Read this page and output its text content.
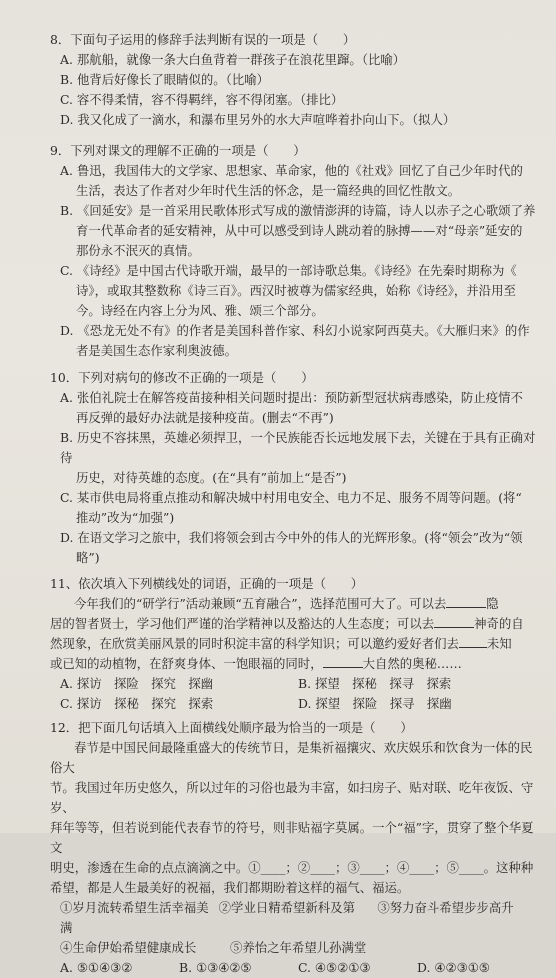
8．下面句子运用的修辞手法判断有误的一项是（　　）
A. 那航船，就像一条大白鱼背着一群孩子在浪花里蹿。（比喻）
B. 他背后好像长了眼睛似的。（比喻）
C. 容不得柔情，容不得羁绊，容不得闭塞。（排比）
D. 我又化成了一滴水，和瀑布里另外的水大声喧哗着扑向山下。（拟人）
9．下列对课文的理解不正确的一项是（　　）
A. 鲁迅，我国伟大的文学家、思想家、革命家，他的《社戏》回忆了自己少年时代的
生活，表达了作者对少年时代生活的怀念，是一篇经典的回忆性散文。
B. 《回延安》是一首采用民歌体形式写成的激情澎湃的诗篇，诗人以赤子之心歌颂了养
育一代革命者的延安精神，从中可以感受到诗人跳动着的脉搏——对“母亲”延安的
那份永不泯灭的真情。
C. 《诗经》是中国古代诗歌开端，最早的一部诗歌总集。《诗经》在先秦时期称为《
诗》，或取其整数称《诗三百》。西汉时被尊为儒家经典，始称《诗经》，并沿用至
今。诗经在内容上分为风、雅、颂三个部分。
D. 《恐龙无处不有》的作者是美国科普作家、科幻小说家阿西莫夫。《大雁归来》的作
者是美国生态作家利奥波德。
10．下列对病句的修改不正确的一项是（　　）
A. 张伯礼院士在解答疫苗接种相关问题时提出：预防新型冠状病毒感染，防止疫情不
再反弹的最好办法就是接种疫苗。(删去“不再”)
B. 历史不容抹黑，英雄必须捍卫，一个民族能否长远地发展下去，关键在于具有正确对待
历史，对待英雄的态度。(在“具有”前加上“是否”)
C. 某市供电局将重点推动和解决城中村用电安全、电力不足、服务不周等问题。(将“
推动”改为“加强”)
D. 在语文学习之旅中，我们将领会到古今中外的伟人的光辉形象。(将“领会”改为“领
略”)
11、依次填入下列横线处的词语，正确的一项是（　　）
今年我们的“研学行”活动兼顾“五育融合”，选择范围可大了。可以去	隐
居的智者贤士，学习他们严谨的治学精神以及豁达的人生态度；可以去	神奇的自
然现象，在欣赏美丽风景的同时积淀丰富的科学知识；可以邀约爱好者们去 未知
或已知的动植物，在舒爽身体、一饱眼福的同时，	大自然的奥秘……
A. 探访　探险　探究　探幽	B. 探望　探秘　探寻　探索
C. 探访　探秘　探究　探索	D. 探望　探险　探寻　探幽
12．把下面几句话填入上面横线处顺序最为恰当的一项是（　　）
春节是中国民间最隆重盛大的传统节日，是集祈福攘灾、欢庆娱乐和饮食为一体的民俗大
节。我国过年历史悠久，所以过年的习俗也最为丰富，如扫房子、贴对联、吃年夜饭、守岁、
拜年等等，但若说到能代表春节的符号，则非贴福字莫属。一个“福”字，贯穿了整个华夏文
明史，渗透在生命的点点滴滴之中。①____；②____；③____；④____；⑤____。这种种
希望，都是人生最美好的祝福，我们都期盼着这样的福气、福运。
①岁月流转希望生活幸福美满
②学业日精希望新科及第	③努力奋斗希望步步高升
④生命伊始希望健康成长	⑤养怡之年希望儿孙满堂
A. ⑤①④③②	B. ①③④②⑤	C. ④⑤②①③	D. ④②③①⑤
